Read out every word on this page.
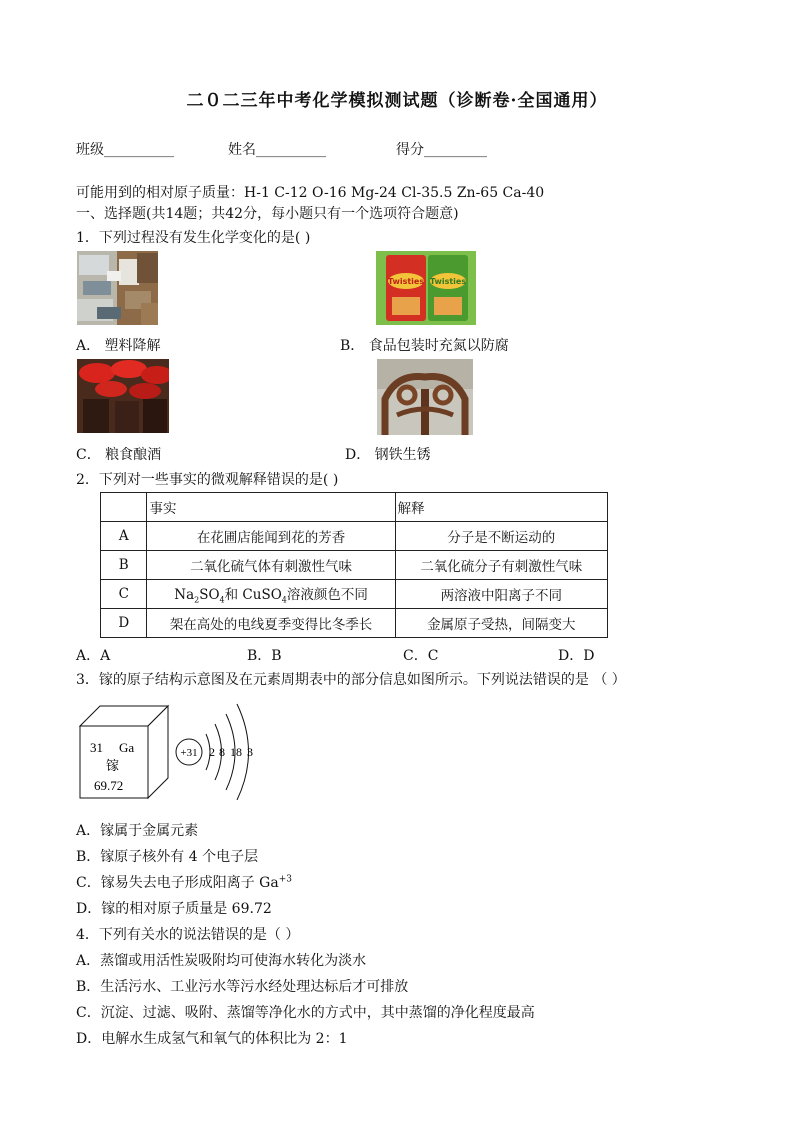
二０二三年中考化学模拟测试题（诊断卷·全国通用）
班级__________	姓名__________	得分_________
可能用到的相对原子质量：H-1 C-12 O-16 Mg-24 Cl-35.5 Zn-65 Ca-40
一、选择题(共14题；共42分，每小题只有一个选项符合题意)
1．下列过程没有发生化学变化的是( )
Twisties Twisties
A． 塑料降解	B． 食品包装时充氮以防腐
C． 粮食酿酒	D． 钢铁生锈
2．下列对一些事实的微观解释错误的是( )
	事实	解释
A	在花圃店能闻到花的芳香	分子是不断运动的
B	二氧化硫气体有刺激性气味	二氧化硫分子有刺激性气味
C	$Na_2SO_4$和 CuSO$_4$溶液颜色不同	两溶液中阳离子不同
D	架在高处的电线夏季变得比冬季长	金属原子受热，间隔变大
A．A	B．B	C．C	D．D
3．镓的原子结构示意图及在元素周期表中的部分信息如图所示。下列说法错误的是 （ ）
31 Ga
镓
69.72
+31 2 8 18 3
A．镓属于金属元素
B．镓原子核外有 4 个电子层
C．镓易失去电子形成阳离子 $Ga^{+3}$
D．镓的相对原子质量是 69.72
4．下列有关水的说法错误的是（ ）
A．蒸馏或用活性炭吸附均可使海水转化为淡水
B．生活污水、工业污水等污水经处理达标后才可排放
C．沉淀、过滤、吸附、蒸馏等净化水的方式中，其中蒸馏的净化程度最高
D．电解水生成氢气和氧气的体积比为 2：1
